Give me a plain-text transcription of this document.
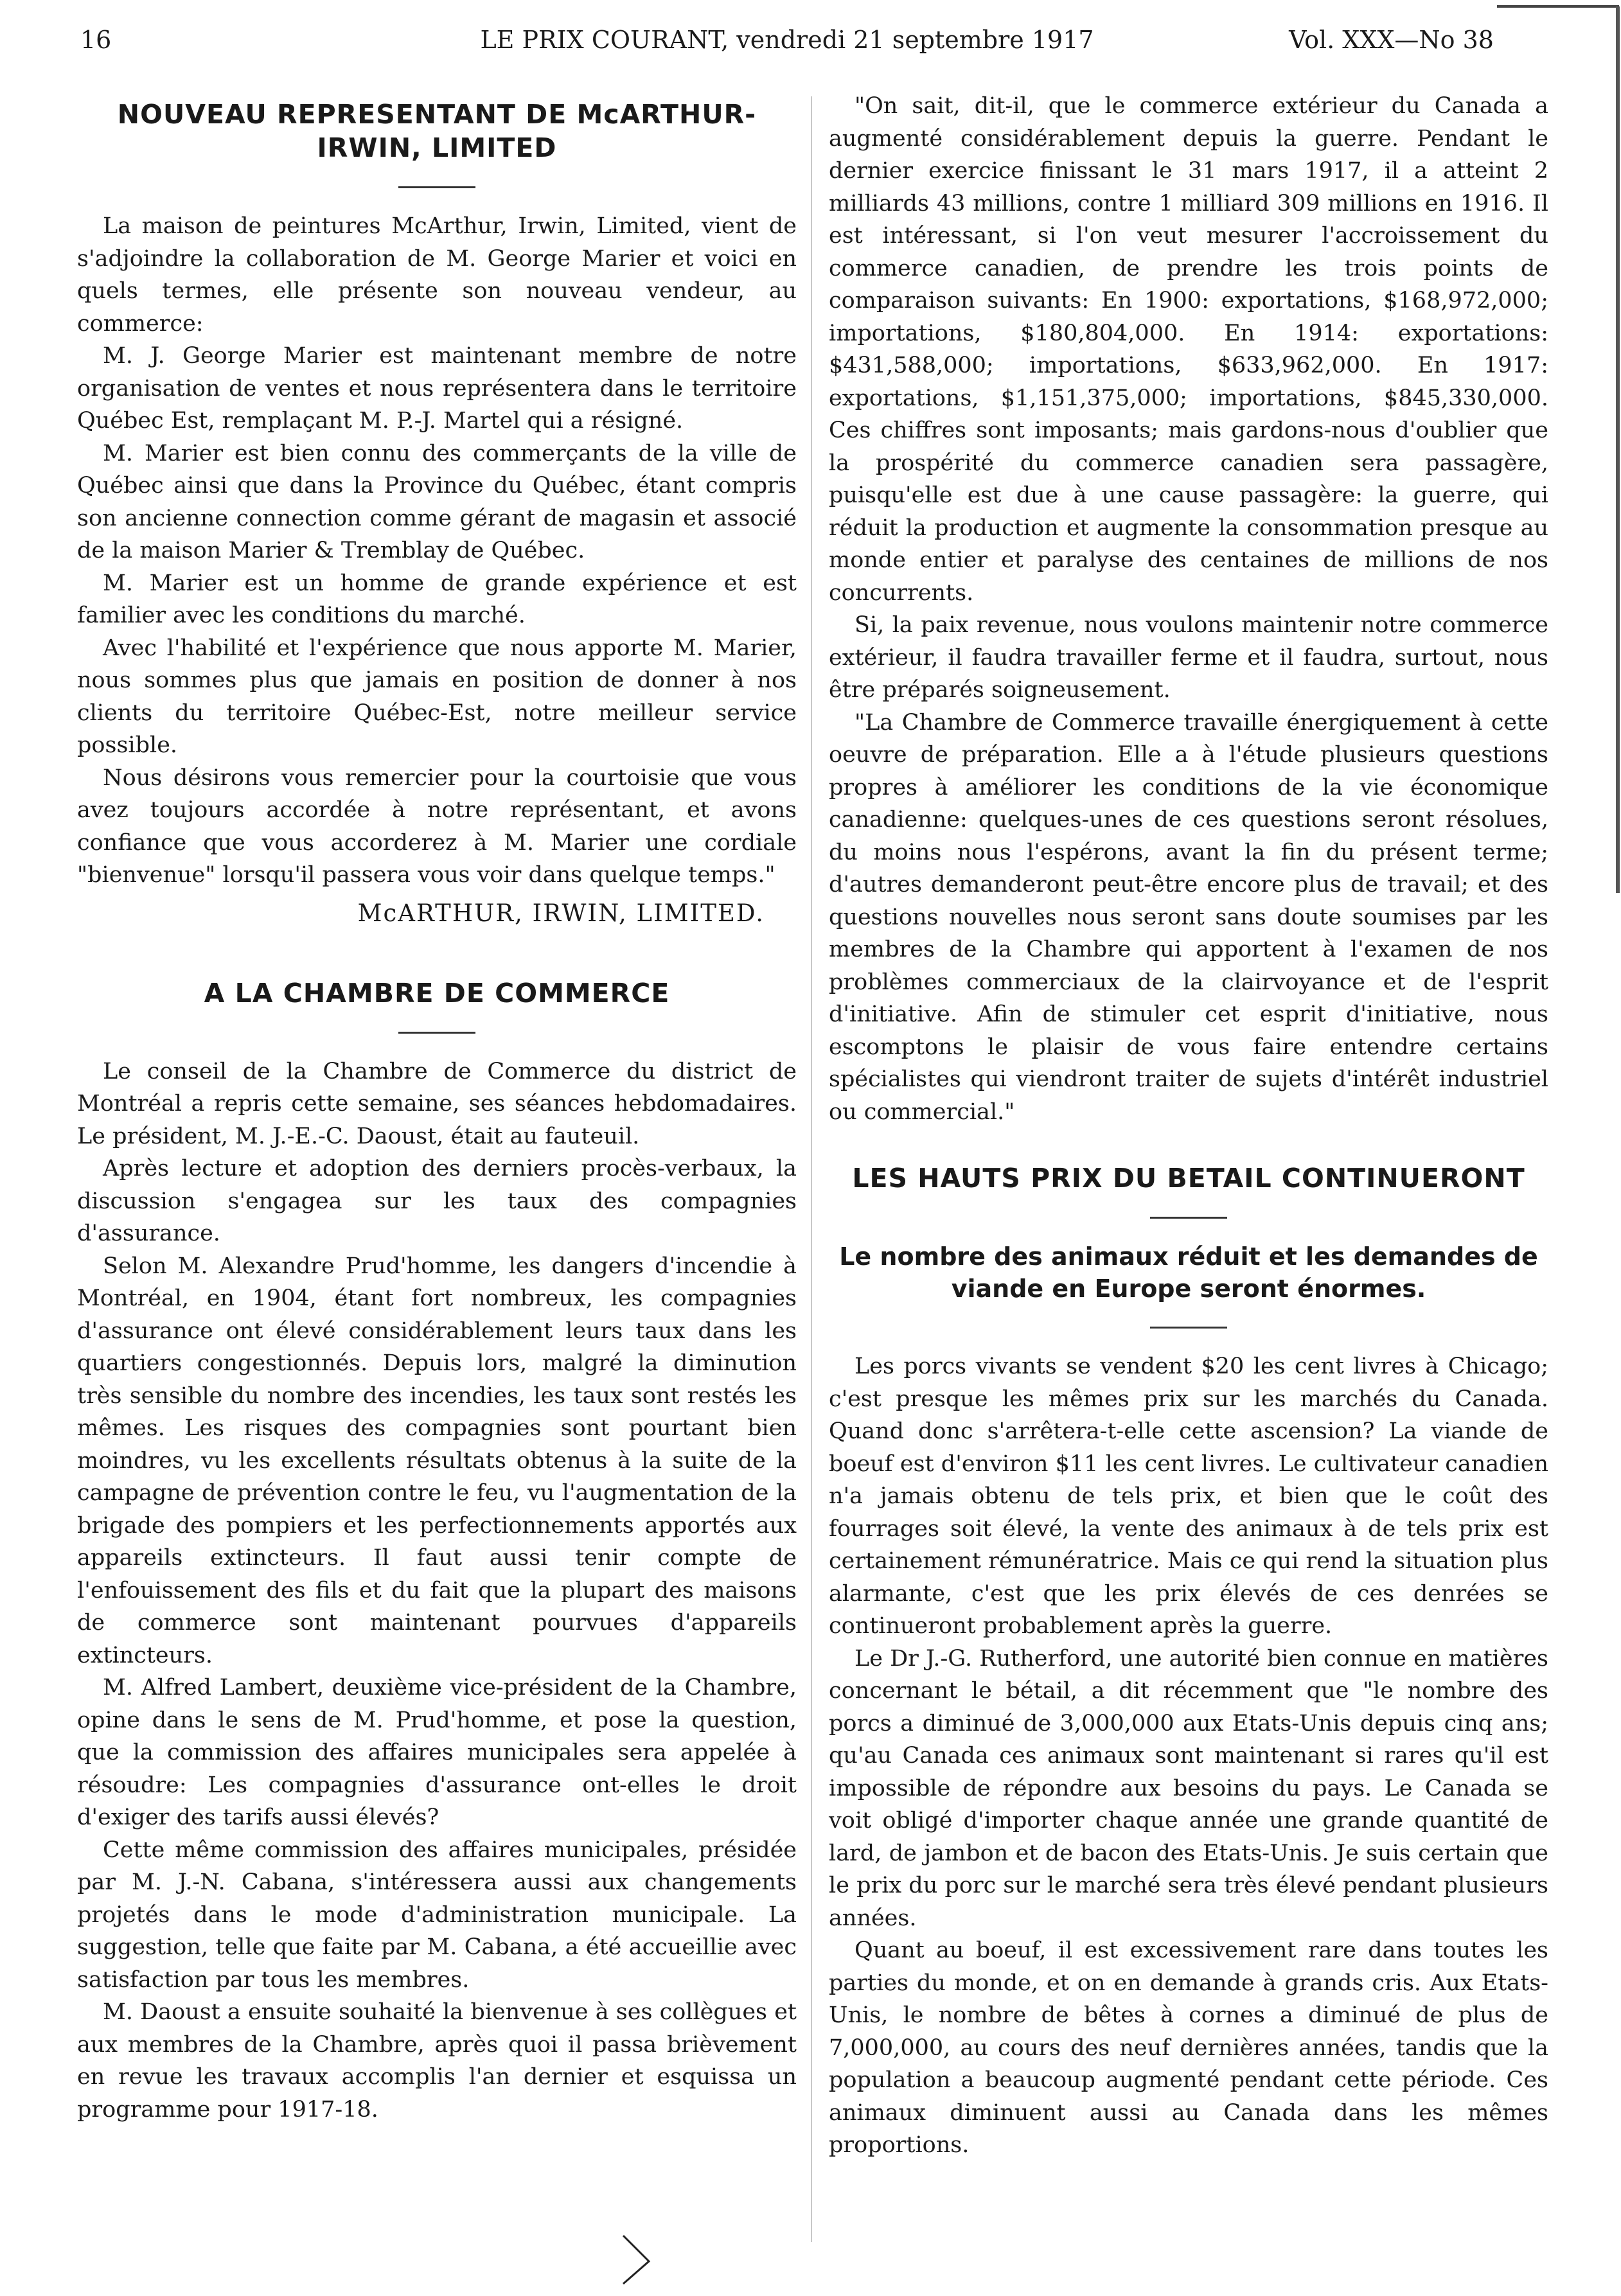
16	LE PRIX COURANT, vendredi 21 septembre 1917	Vol. XXX—No 38
NOUVEAU REPRESENTANT DE McARTHUR-IRWIN, LIMITED

La maison de peintures McArthur, Irwin, Limited, vient de s'adjoindre la collaboration de M. George Marier et voici en quels termes, elle présente son nouveau vendeur, au commerce:

M. J. George Marier est maintenant membre de notre organisation de ventes et nous représentera dans le territoire Québec Est, remplaçant M. P.-J. Martel qui a résigné.

M. Marier est bien connu des commerçants de la ville de Québec ainsi que dans la Province du Québec, étant compris son ancienne connection comme gérant de magasin et associé de la maison Marier & Tremblay de Québec.

M. Marier est un homme de grande expérience et est familier avec les conditions du marché.

Avec l'habilité et l'expérience que nous apporte M. Marier, nous sommes plus que jamais en position de donner à nos clients du territoire Québec-Est, notre meilleur service possible.

Nous désirons vous remercier pour la courtoisie que vous avez toujours accordée à notre représentant, et avons confiance que vous accorderez à M. Marier une cordiale "bienvenue" lorsqu'il passera vous voir dans quelque temps."

McARTHUR, IRWIN, LIMITED.

A LA CHAMBRE DE COMMERCE

Le conseil de la Chambre de Commerce du district de Montréal a repris cette semaine, ses séances hebdomadaires. Le président, M. J.-E.-C. Daoust, était au fauteuil.

Après lecture et adoption des derniers procès-verbaux, la discussion s'engagea sur les taux des compagnies d'assurance.

Selon M. Alexandre Prud'homme, les dangers d'incendie à Montréal, en 1904, étant fort nombreux, les compagnies d'assurance ont élevé considérablement leurs taux dans les quartiers congestionnés. Depuis lors, malgré la diminution très sensible du nombre des incendies, les taux sont restés les mêmes. Les risques des compagnies sont pourtant bien moindres, vu les excellents résultats obtenus à la suite de la campagne de prévention contre le feu, vu l'augmentation de la brigade des pompiers et les perfectionnements apportés aux appareils extincteurs. Il faut aussi tenir compte de l'enfouissement des fils et du fait que la plupart des maisons de commerce sont maintenant pourvues d'appareils extincteurs.

M. Alfred Lambert, deuxième vice-président de la Chambre, opine dans le sens de M. Prud'homme, et pose la question, que la commission des affaires municipales sera appelée à résoudre: Les compagnies d'assurance ont-elles le droit d'exiger des tarifs aussi élevés?

Cette même commission des affaires municipales, présidée par M. J.-N. Cabana, s'intéressera aussi aux changements projetés dans le mode d'administration municipale. La suggestion, telle que faite par M. Cabana, a été accueillie avec satisfaction par tous les membres.

M. Daoust a ensuite souhaité la bienvenue à ses collègues et aux membres de la Chambre, après quoi il passa brièvement en revue les travaux accomplis l'an dernier et esquissa un programme pour 1917-18.

"On sait, dit-il, que le commerce extérieur du Canada a augmenté considérablement depuis la guerre. Pendant le dernier exercice finissant le 31 mars 1917, il a atteint 2 milliards 43 millions, contre 1 milliard 309 millions en 1916. Il est intéressant, si l'on veut mesurer l'accroissement du commerce canadien, de prendre les trois points de comparaison suivants: En 1900: exportations, $168,972,000; importations, $180,804,000. En 1914: exportations: $431,588,000; importations, $633,962,000. En 1917: exportations, $1,151,375,000; importations, $845,330,000. Ces chiffres sont imposants; mais gardons-nous d'oublier que la prospérité du commerce canadien sera passagère, puisqu'elle est due à une cause passagère: la guerre, qui réduit la production et augmente la consommation presque au monde entier et paralyse des centaines de millions de nos concurrents.

Si, la paix revenue, nous voulons maintenir notre commerce extérieur, il faudra travailler ferme et il faudra, surtout, nous être préparés soigneusement.

"La Chambre de Commerce travaille énergiquement à cette oeuvre de préparation. Elle a à l'étude plusieurs questions propres à améliorer les conditions de la vie économique canadienne: quelques-unes de ces questions seront résolues, du moins nous l'espérons, avant la fin du présent terme; d'autres demanderont peut-être encore plus de travail; et des questions nouvelles nous seront sans doute soumises par les membres de la Chambre qui apportent à l'examen de nos problèmes commerciaux de la clairvoyance et de l'esprit d'initiative. Afin de stimuler cet esprit d'initiative, nous escomptons le plaisir de vous faire entendre certains spécialistes qui viendront traiter de sujets d'intérêt industriel ou commercial."

LES HAUTS PRIX DU BETAIL CONTINUERONT
Le nombre des animaux réduit et les demandes de viande en Europe seront énormes.

Les porcs vivants se vendent $20 les cent livres à Chicago; c'est presque les mêmes prix sur les marchés du Canada. Quand donc s'arrêtera-t-elle cette ascension? La viande de boeuf est d'environ $11 les cent livres. Le cultivateur canadien n'a jamais obtenu de tels prix, et bien que le coût des fourrages soit élevé, la vente des animaux à de tels prix est certainement rémunératrice. Mais ce qui rend la situation plus alarmante, c'est que les prix élevés de ces denrées se continueront probablement après la guerre.

Le Dr J.-G. Rutherford, une autorité bien connue en matières concernant le bétail, a dit récemment que "le nombre des porcs a diminué de 3,000,000 aux Etats-Unis depuis cinq ans; qu'au Canada ces animaux sont maintenant si rares qu'il est impossible de répondre aux besoins du pays. Le Canada se voit obligé d'importer chaque année une grande quantité de lard, de jambon et de bacon des Etats-Unis. Je suis certain que le prix du porc sur le marché sera très élevé pendant plusieurs années.

Quant au boeuf, il est excessivement rare dans toutes les parties du monde, et on en demande à grands cris. Aux Etats-Unis, le nombre de bêtes à cornes a diminué de plus de 7,000,000, au cours des neuf dernières années, tandis que la population a beaucoup augmenté pendant cette période. Ces animaux diminuent aussi au Canada dans les mêmes proportions.
